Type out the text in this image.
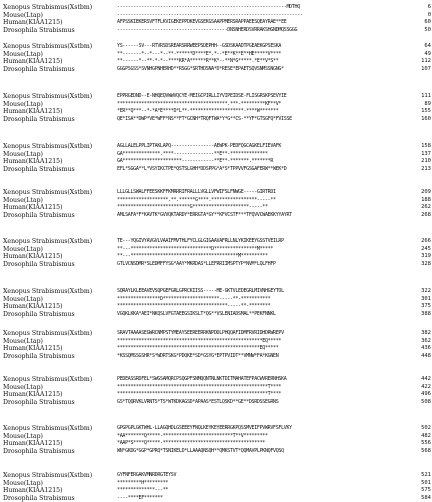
Xenopus Strabismus(Xstbm)	---------------------------------------------------------------MDTHQ	6
Mouse(Ltap)	---------------------------------------------------------------------	0
Human(KIAA1215)	AFPSSKIEKERSVFTFLKVIGEKEPPDKEVGSEKGSAAPPMERSRAPPAEESQEAYRAE**EE	60
Drosophila Strabismus	-----------------------------------------DNSNHERDSVRRAKSHGNDMQSSGGG	50
Xenopus Strabismus(Xstbm)	YS------SV---RTVRSDSREARSRRWEEPSDEPHH--GSDSKAADTPGEAEKGPSESKA	64
Mouse(Ltap)	**-------*--*---*--**-******D****E*.*--*E**K**E**HE*****V****	49
Human(KIAA1215)	**------*--**-*-*--****KR*A******R**K*--**N*G*****.*E**V*S**	112
Drosophila Strabismus	GGGPSGSS*SVNHGPNHERHD**RSGG*SRTHDSNA*D*RESE*EPAETSQVSNMSSNGNG*	107
Xenopus Strabismus(Xstbm)	EPPRGEDND--E-NHQEQVWWVQCYE-MEIGCPIRLLIYVIPEIDSE-FLISGRSKPSEVYIE	111
Mouse(Ltap)	*****************************************.***-*********KF**V*	89
Human(KIAA1215)	*ER**Q***--*-*A*E****D*L**-********************-****W*******	155
Drosophila Strabismus	QE*ISA**DWP*VE*WFF*NS**FT*GCNH*TRQFTWA*Y*G**CS-**YF*GTSGFQ*FVISSE	160
Xenopus Strabismus(Xstbm)	AGLLALELPPLIPTAKLAPQ----------------AEWPK-PEDFQGCAGKELFIEVAFK	158
Mouse(Ltap)	GA**************.****---------------**E**-**************	137
Human(KIAA1215)	GA**********************------------**E**-*******.*******R	210
Drosophila Strabismus	EFL*SGGA**L*VSYIKCTPE*QSTSLGHH*DDSPPG*A*S*TPPVVFGSGAFERW**WEK*D	213
Xenopus Strabismus(Xstbm)	LLLGLLSWALFFEESKKFFKMRRRIFRALLLVGLLVFWIFSLFNWGE-----GIRTRDI	209
Mouse(Ltap)	*******************.**.******G****.*****************-----**	188
Human(KIAA1215)	***************************G*********************-----**	262
Drosophila Strabismus	AMLSAFA*F*KAVTK*GVVQKTARDY*ERRGTA*GY**KFVCSTF***TFQVVCWAEKKYYAYRT	268
Xenopus Strabismus(Xstbm)	TE---YQGIVYAVGVLVAAIFMVTHLFYCLGLGIGAAVAFRLLNLYKIKEEYGSSTVEILRP	266
Mouse(Ltap)	**---******************************D****************M*****	245
Human(KIAA1215)	**---****************************************M**********	319
Drosophila Strabismus	GTLVCNSDMR*SLEDMFFYSG*AAY*MKRDAS*LLEFRRIIMSPTYP*NVM*LQLFHFP	328
Xenopus Strabismus(Xstbm)	SQRAYLKLEEAVEVSQPGEFGRLGPRCKIISS-----ME-GKTVLEDEGRLMIVNHGEYTOL	322
Mouse(Ltap)	****************D*********************-----**-***********	301
Human(KIAA1215)	*****************************************-----**-********	375
Drosophila Strabismus	VGQKLKKA*AEI*NKQSLVFGTAEEGSIKSLT*QG**VSLENIADSMAL**PEKFNNKL	388
Xenopus Strabismus(Xstbm)	SRAVTAAAASEGWRCNMPSTYMEAYSEEREERRKNPDDLPHQQAFIDMFRVRIDHDRWREPV	382
Mouse(Ltap)	******************************************************EQ*****	362
Human(KIAA1215)	*****************************************************EQ*****	436
Drosophila Strabismus	*KSSQMSSGSHR*S*WDRTSKG*PDQKE*SD*GSYG*EPTPVIDT**VMNW*FA*KGNEN	448
Xenopus Strabismus(Xstbm)	PEDEASSRDFEL*SWGSAMQRCPSQGPFSNMQQNTNLNKTDITMAHATEFPACWVRERNHSKA	442
Mouse(Ltap)	********************************************************T****	422
Human(KIAA1215)	********************************************************T****	496
Drosophila Strabismus	GS*TQQRVKLVRNTS*TS*WTKDKAGSD*APAAS*ESTLQSKD**GE**DSRDSSEGRNS	508
Xenopus Strabismus(Xstbm)	GPGPGPLGKTWHL-LLAGQHDLGSEEEYFNQLKEYKEYEERRGKPQSSMVEIFPVWRVFSFLVKY	502
Mouse(Ltap)	*AA*******Q*****-**************************T**V*********	482
Human(KIAA1215)	*AAP*S****Q*****-**************************************	556
Drosophila Strabismus	WN*GKDG*GGP*GPRQ*TSNIKELD*LLAAAQNSQH**QMKSTVT*QQMAVPLPKNQFVQSQ	568
Xenopus Strabismus(Xstbm)	GYFNFERGAKVMNRDRGTEYSV	521
Mouse(Ltap)	*********H*********	501
Human(KIAA1215)	**************---**	575
Drosophila Strabismus	----****EF*******	584
